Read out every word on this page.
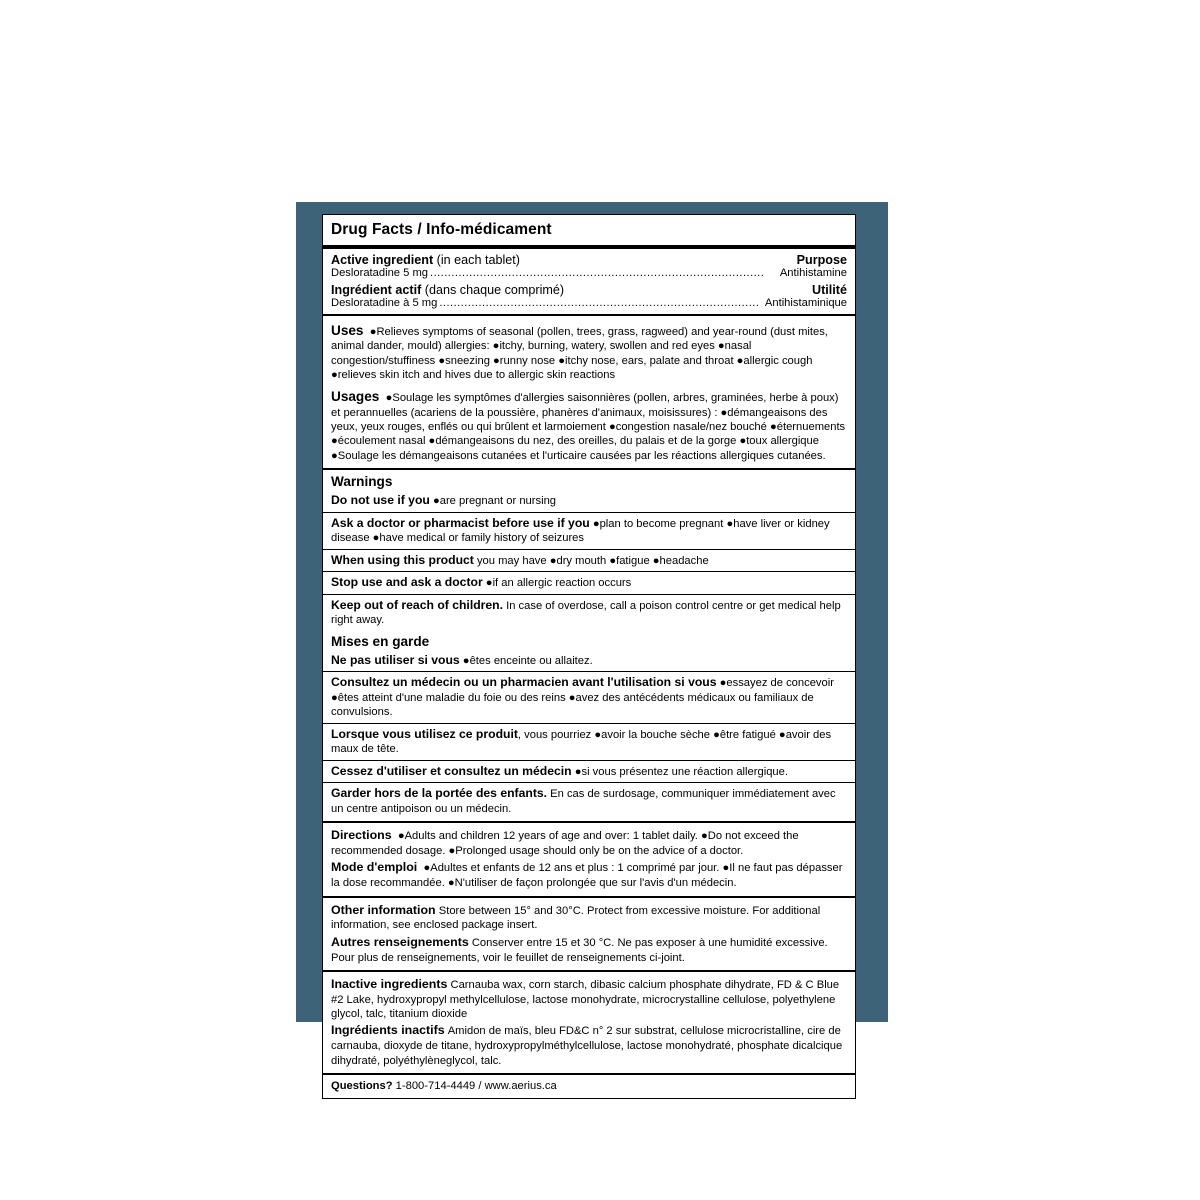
Drug Facts / Info-médicament
Active ingredient (in each tablet)	Purpose
Desloratadine 5 mg ..............................................................................................	Antihistamine
Ingrédient actif (dans chaque comprimé)	Utilité
Desloratadine à 5 mg .......................................................................................... Antihistaminique
Uses ●Relieves symptoms of seasonal (pollen, trees, grass, ragweed) and year-round (dust mites, animal dander, mould) allergies: ●itchy, burning, watery, swollen and red eyes ●nasal congestion/stuffiness ●sneezing ●runny nose ●itchy nose, ears, palate and throat ●allergic cough ●relieves skin itch and hives due to allergic skin reactions
Usages ●Soulage les symptômes d'allergies saisonnières (pollen, arbres, graminées, herbe à poux) et perannuelles (acariens de la poussière, phanères d'animaux, moisissures) : ●démangeaisons des yeux, yeux rouges, enflés ou qui brûlent et larmoiement ●congestion nasale/nez bouché ●éternuements ●écoulement nasal ●démangeaisons du nez, des oreilles, du palais et de la gorge ●toux allergique ●Soulage les démangeaisons cutanées et l'urticaire causées par les réactions allergiques cutanées.
Warnings
Do not use if you ●are pregnant or nursing
Ask a doctor or pharmacist before use if you ●plan to become pregnant ●have liver or kidney disease ●have medical or family history of seizures
When using this product you may have ●dry mouth ●fatigue ●headache
Stop use and ask a doctor ●if an allergic reaction occurs
Keep out of reach of children. In case of overdose, call a poison control centre or get medical help right away.
Mises en garde
Ne pas utiliser si vous ●êtes enceinte ou allaitez.
Consultez un médecin ou un pharmacien avant l'utilisation si vous ●essayez de concevoir ●êtes atteint d'une maladie du foie ou des reins ●avez des antécédents médicaux ou familiaux de convulsions.
Lorsque vous utilisez ce produit, vous pourriez ●avoir la bouche sèche ●être fatigué ●avoir des maux de tête.
Cessez d'utiliser et consultez un médecin ●si vous présentez une réaction allergique.
Garder hors de la portée des enfants. En cas de surdosage, communiquer immédiatement avec un centre antipoison ou un médecin.
Directions ●Adults and children 12 years of age and over: 1 tablet daily. ●Do not exceed the recommended dosage. ●Prolonged usage should only be on the advice of a doctor.
Mode d'emploi ●Adultes et enfants de 12 ans et plus : 1 comprimé par jour. ●Il ne faut pas dépasser la dose recommandée. ●N'utiliser de façon prolongée que sur l'avis d'un médecin.
Other information Store between 15° and 30°C. Protect from excessive moisture. For additional information, see enclosed package insert.
Autres renseignements Conserver entre 15 et 30 °C. Ne pas exposer à une humidité excessive. Pour plus de renseignements, voir le feuillet de renseignements ci-joint.
Inactive ingredients Carnauba wax, corn starch, dibasic calcium phosphate dihydrate, FD & C Blue #2 Lake, hydroxypropyl methylcellulose, lactose monohydrate, microcrystalline cellulose, polyethylene glycol, talc, titanium dioxide
Ingrédients inactifs Amidon de maïs, bleu FD&C n° 2 sur substrat, cellulose microcristalline, cire de carnauba, dioxyde de titane, hydroxypropylméthylcellulose, lactose monohydraté, phosphate dicalcique dihydraté, polyéthylèneglycol, talc.
Questions? 1-800-714-4449 / www.aerius.ca
